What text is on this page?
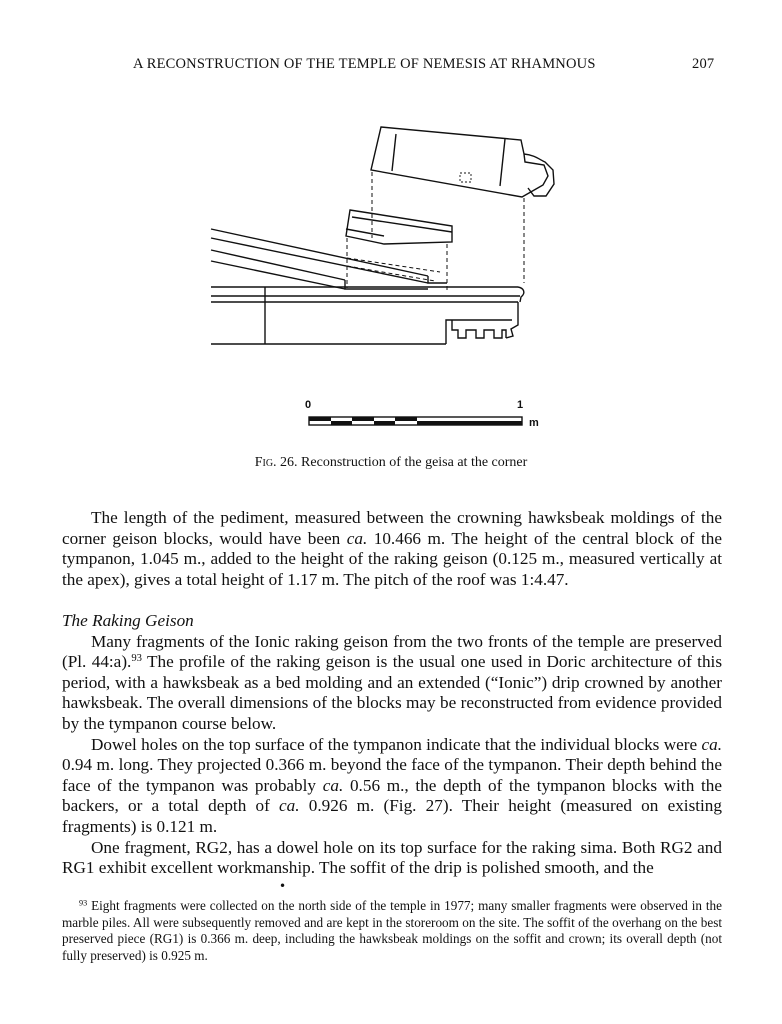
A RECONSTRUCTION OF THE TEMPLE OF NEMESIS AT RHAMNOUS	207
0	1
m
Fig. 26. Reconstruction of the geisa at the corner

The length of the pediment, measured between the crowning hawksbeak moldings of the corner geison blocks, would have been ca. 10.466 m. The height of the central block of the tympanon, 1.045 m., added to the height of the raking geison (0.125 m., measured vertically at the apex), gives a total height of 1.17 m. The pitch of the roof was 1:4.47.

The Raking Geison

Many fragments of the Ionic raking geison from the two fronts of the temple are preserved (Pl. 44:a).$^{93}$ The profile of the raking geison is the usual one used in Doric architecture of this period, with a hawksbeak as a bed molding and an extended (“Ionic”) drip crowned by another hawksbeak. The overall dimensions of the blocks may be reconstructed from evidence provided by the tympanon course below.

Dowel holes on the top surface of the tympanon indicate that the individual blocks were ca. 0.94 m. long. They projected 0.366 m. beyond the face of the tympanon. Their depth behind the face of the tympanon was probably ca. 0.56 m., the depth of the tympanon blocks with the backers, or a total depth of ca. 0.926 m. (Fig. 27). Their height (measured on existing fragments) is 0.121 m.

One fragment, RG2, has a dowel hole on its top surface for the raking sima. Both RG2 and RG1 exhibit excellent workmanship. The soffit of the drip is polished smooth, and the

•
$^{93}$ Eight fragments were collected on the north side of the temple in 1977; many smaller fragments were observed in the marble piles. All were subsequently removed and are kept in the storeroom on the site. The soffit of the overhang on the best preserved piece (RG1) is 0.366 m. deep, including the hawksbeak moldings on the soffit and crown; its overall depth (not fully preserved) is 0.925 m.
